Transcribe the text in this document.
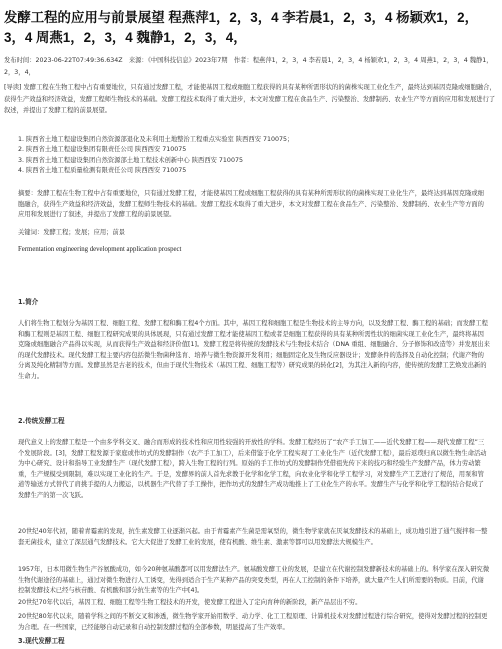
发酵工程的应用与前景展望 程燕萍1，2，3，4 李若晨1，2，3，4 杨颖欢1，2，3，4 周燕1，2，3，4 魏静1，2，3，4，
发布时间：2023-06-22T07:49:36.634Z　来源：《中国科技信息》2023年7期　作者：程燕萍1，2，3，4 李若晨1，2，3，4 杨颖欢1，2，3，4 周燕1，2，3，4 魏静1，2，3，4，
[导读] 发酵工程在生物工程中占有重要地位，只有通过发酵工程，才能使基因工程或细胞工程获得的具有某种所需形状的的菌株实现工业化生产，最终达到基因克隆或细胞融合，获得生产效益和经济效益，发酵工程师生物技术的基础。发酵工程技术取得了重大进步，本文对发酵工程在食品生产、污染整治、发酵制药、农业生产等方面的应用和发展进行了叙述，并提出了发酵工程的前景展望。
1. 陕西省土地工程建设集团自然资源部退化及未利用土地整治工程重点实验室 陕西西安 710075；
2. 陕西省土地工程建设集团有限责任公司 陕西西安 710075
3. 陕西省土地工程建设集团自然资源部土地工程技术创新中心 陕西西安 710075
4. 陕西省土地工程质量检测有限责任公司 陕西西安 710075
摘要：发酵工程在生物工程中占有重要地位，只有通过发酵工程，才能使基因工程或细胞工程获得的具有某种所需形状的的菌株实现工业化生产，最终达到基因克隆或细胞融合，获得生产效益和经济效益，发酵工程师生物技术的基础。发酵工程技术取得了重大进步，本文对发酵工程在食品生产、污染整治、发酵制药、农业生产等方面的应用和发展进行了叙述，并提出了发酵工程的前景展望。
关键词：发酵工程；发展；应用；前景
Fermentation engineering development application prospect
1.简介

人们将生物工程划分为基因工程、细胞工程、发酵工程和酶工程4个方面。其中，基因工程和细胞工程是生物技术的主导方向，以及发酵工程、酶工程的基础；而发酵工程和酶工程则是基因工程、细胞工程研究成果的具体展现，只有通过发酵工程才能使基因工程或者是细胞工程获得的具有某种所需性状的细菌实现工业化生产，最终将基因克隆或细胞融合产品得以实现，从而获得生产效益和经济价值[1]。发酵工程是将传统的发酵技术与生物技术结合（DNA 重组、细胞融合、分子修饰和改造等）并发展出来的现代发酵技术。现代发酵工程主要内容包括微生物菌种选育、培养与微生物资源开发利用；细胞固定化及生物反应器设计；发酵条件的选择及自动化控制；代谢产物的分离及纯化精制等方面。发酵虽然是古老的技术，但由于现代生物技术（基因工程、细胞工程等）研究成果的转化[2]，为其注入新的内容，使传统的发酵工艺焕发出新的生命力。

2.传统发酵工程

现代意义上的发酵工程是一个由多学科交叉、融合而形成的技术性和应用性较强的开放性的学科。发酵工程经历了“农产手工加工——近代发酵工程——现代发酵工程”三个发展阶段。[3]，发酵工程发源于家庭或作坊式的发酵制作（农产手工加工），后来借鉴于化学工程实现了工业化生产（近代发酵工程），最后返璞归真以微生物生命活动为中心研究、设计和指导工业发酵生产（现代发酵工程），跨入生物工程的行列。原始的手工作坊式的发酵制作凭借祖先传下来的技巧和经验生产发酵产品，体力劳动繁重，生产规模受到限制，难以实现工业化的生产。于是，发酵界的前人首先求教于化学和化学工程，向农业化学和化学工程学习，对发酵生产工艺进行了规范，用泵和管道等输送方式替代了肩挑手提的人力搬运，以机器生产代替了手工操作，把作坊式的发酵生产成功地推上了工业化生产的水平。发酵生产与化学和化学工程的结合促成了发酵生产的第一次飞跃。

20世纪40年代初，随着青霉素的发现，抗生素发酵工业逐渐兴起。由于青霉素产生菌是需氧型的，微生物学家就在厌氧发酵技术的基础上，成功地引进了通气搅拌和一整套无菌技术，建立了深层通气发酵技术。它大大促进了发酵工业的发展，使有机酸、维生素、激素等都可以用发酵法大规模生产。

1957年，日本用微生物生产谷氨酸成功，如今20种氨基酸都可以用发酵法生产。氨基酸发酵工业的发展，是建立在代谢控制发酵新技术的基础上的。科学家在深入研究微生物代谢途径的基础上，通过对微生物进行人工诱变，先得到适合于生产某种产品的突变类型，再在人工控制的条件下培养，就大量产生人们所需要的物质。目前，代谢控制发酵技术已经与核苷酸、有机酸和部分抗生素等的生产中[4]。

20世纪70年代以后，基因工程、细胞工程等生物工程技术的开发，使发酵工程进入了定向育种的新阶段，新产品层出不穷。

20世纪80年代以来，随着学科之间的不断交叉和渗透，微生物学家开始用数学、动力学、化工工程原理、计算机技术对发酵过程进行综合研究，使得对发酵过程的控制更为合理。在一些国家，已经能够自动记录和自动控制发酵过程的全部参数，明显提高了生产效率。

3.现代发酵工程
